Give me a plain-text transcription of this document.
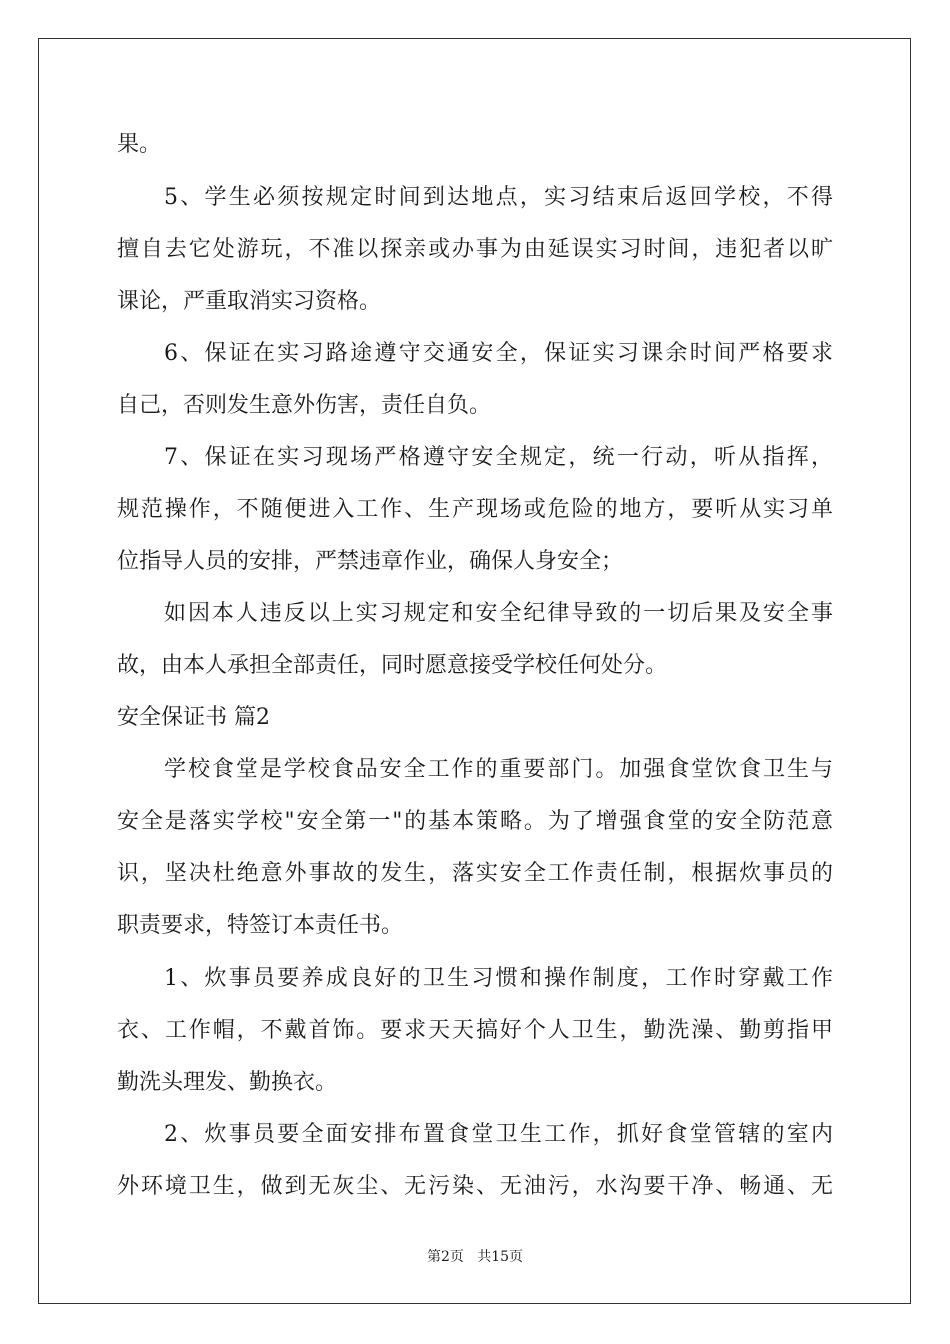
果。
5、学生必须按规定时间到达地点，实习结束后返回学校，不得
擅自去它处游玩，不准以探亲或办事为由延误实习时间，违犯者以旷
课论，严重取消实习资格。
6、保证在实习路途遵守交通安全，保证实习课余时间严格要求
自己，否则发生意外伤害，责任自负。
7、保证在实习现场严格遵守安全规定，统一行动，听从指挥，
规范操作，不随便进入工作、生产现场或危险的地方，要听从实习单
位指导人员的安排，严禁违章作业，确保人身安全；
如因本人违反以上实习规定和安全纪律导致的一切后果及安全事
故，由本人承担全部责任，同时愿意接受学校任何处分。
安全保证书 篇2
学校食堂是学校食品安全工作的重要部门。加强食堂饮食卫生与
安全是落实学校"安全第一"的基本策略。为了增强食堂的安全防范意
识，坚决杜绝意外事故的发生，落实安全工作责任制，根据炊事员的
职责要求，特签订本责任书。
1、炊事员要养成良好的卫生习惯和操作制度，工作时穿戴工作
衣、工作帽，不戴首饰。要求天天搞好个人卫生，勤洗澡、勤剪指甲
勤洗头理发、勤换衣。
2、炊事员要全面安排布置食堂卫生工作，抓好食堂管辖的室内
外环境卫生，做到无灰尘、无污染、无油污，水沟要干净、畅通、无
第2页   共15页
